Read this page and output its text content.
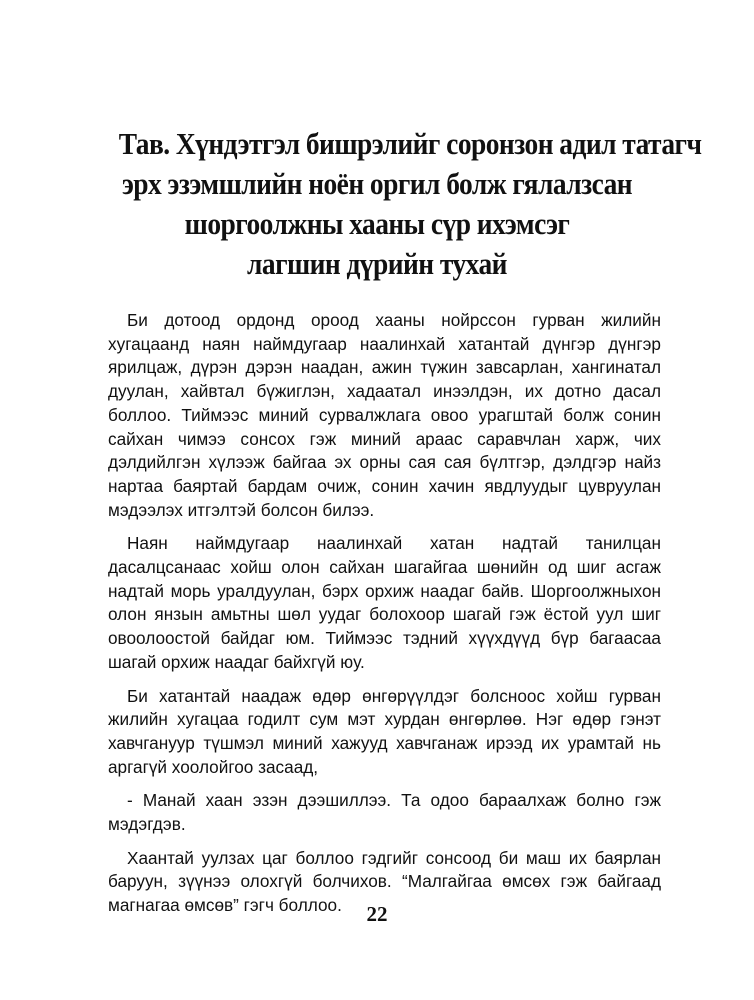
Тав. Хүндэтгэл бишрэлийг соронзон адил татагч
эрх эзэмшлийн ноён оргил болж гялалзсан
шоргоолжны хааны сүр ихэмсэг
лагшин дүрийн тухай

Би дотоод ордонд ороод хааны нойрссон гурван жилийн хугацаанд наян наймдугаар наалинхай хатантай дүнгэр дүнгэр ярилцаж, дүрэн дэрэн наадан, ажин түжин завсарлан, хангинатал дуулан, хайвтал бүжиглэн, хадаатал инээлдэн, их дотно дасал боллоо. Тиймээс миний сурвалжлага овоо урагштай болж сонин сайхан чимээ сонсох гэж миний араас саравчлан харж, чих дэлдийлгэн хүлээж байгаа эх орны сая сая бүлтгэр, дэлдгэр найз нартаа баяртай бардам очиж, сонин хачин явдлуудыг цувруулан мэдээлэх итгэлтэй болсон билээ.

Наян наймдугаар наалинхай хатан надтай танилцан дасалцсанаас хойш олон сайхан шагайгаа шөнийн од шиг асгаж надтай морь уралдуулан, бэрх орхиж наадаг байв. Шоргоолжныхон олон янзын амьтны шөл уудаг болохоор шагай гэж ёстой уул шиг овоолоостой байдаг юм. Тиймээс тэдний хүүхдүүд бүр багаасаа шагай орхиж наадаг байхгүй юу.

Би хатантай наадаж өдөр өнгөрүүлдэг болсноос хойш гурван жилийн хугацаа годилт сум мэт хурдан өнгөрлөө. Нэг өдөр гэнэт хавчгануур түшмэл миний хажууд хавчганаж ирээд их урамтай нь аргагүй хоолойгоо засаад,

- Манай хаан эзэн дээшиллээ. Та одоо бараалхаж болно гэж мэдэгдэв.

Хаантай уулзах цаг боллоо гэдгийг сонсоод би маш их баярлан баруун, зүүнээ олохгүй болчихов. “Малгайгаа өмсөх гэж байгаад магнагаа өмсөв” гэгч боллоо.	22
